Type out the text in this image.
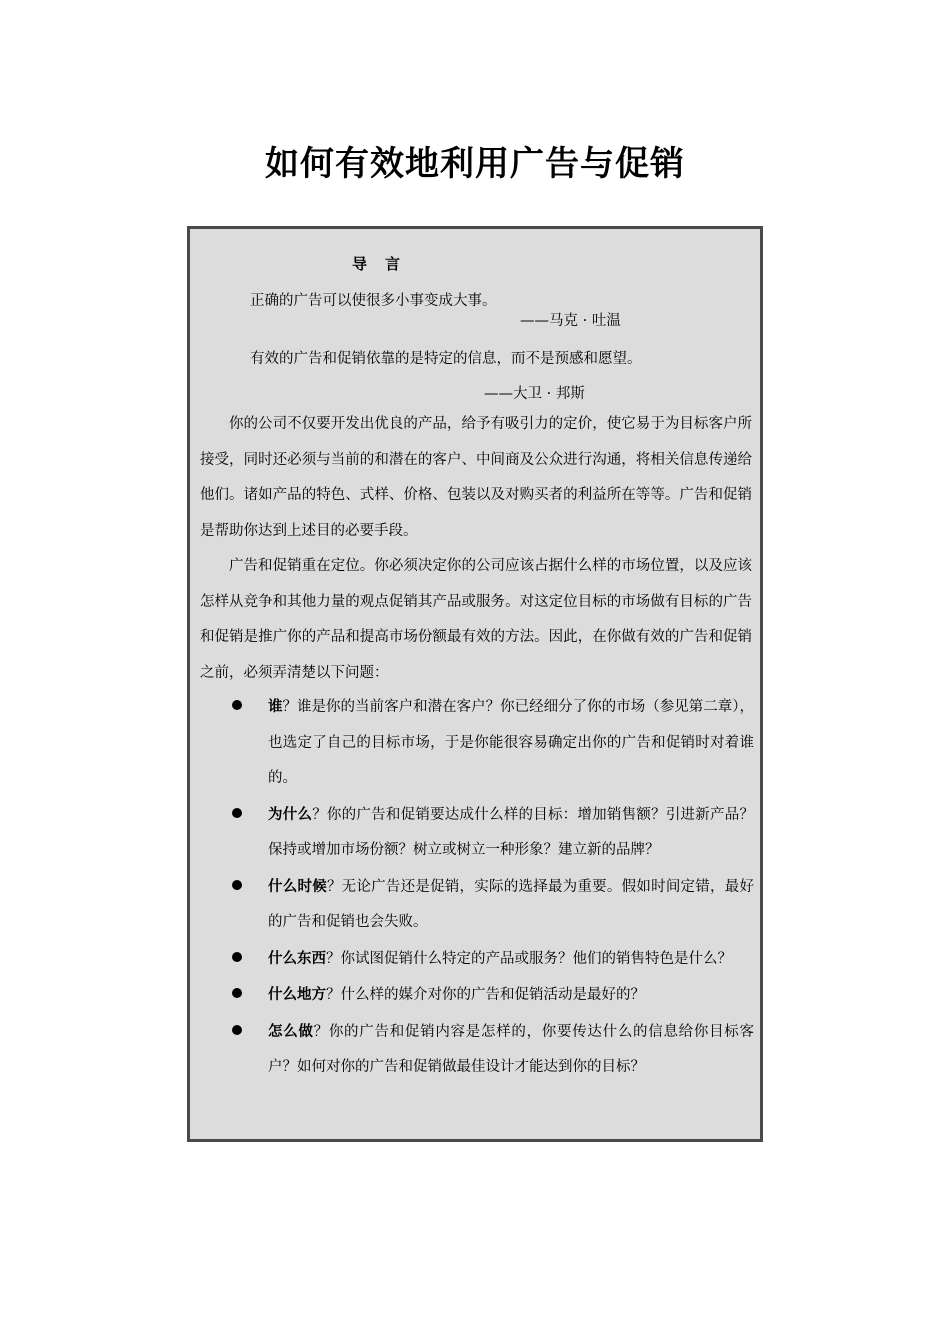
如何有效地利用广告与促销
导言
正确的广告可以使很多小事变成大事。
——马克 · 吐温
有效的广告和促销依靠的是特定的信息，而不是预感和愿望。
——大卫 · 邦斯
你的公司不仅要开发出优良的产品，给予有吸引力的定价，使它易于为目标客户所接受，同时还必须与当前的和潜在的客户、中间商及公众进行沟通，将相关信息传递给他们。诸如产品的特色、式样、价格、包装以及对购买者的利益所在等等。广告和促销是帮助你达到上述目的必要手段。
广告和促销重在定位。你必须决定你的公司应该占据什么样的市场位置，以及应该怎样从竞争和其他力量的观点促销其产品或服务。对这定位目标的市场做有目标的广告和促销是推广你的产品和提高市场份额最有效的方法。因此，在你做有效的广告和促销之前，必须弄清楚以下问题：
谁？谁是你的当前客户和潜在客户？你已经细分了你的市场（参见第二章），也选定了自己的目标市场，于是你能很容易确定出你的广告和促销时对着谁的。
为什么？你的广告和促销要达成什么样的目标：增加销售额？引进新产品？保持或增加市场份额？树立或树立一种形象？建立新的品牌？
什么时候？无论广告还是促销，实际的选择最为重要。假如时间定错，最好的广告和促销也会失败。
什么东西？你试图促销什么特定的产品或服务？他们的销售特色是什么？
什么地方？什么样的媒介对你的广告和促销活动是最好的？
怎么做？你的广告和促销内容是怎样的，你要传达什么的信息给你目标客户？如何对你的广告和促销做最佳设计才能达到你的目标？
